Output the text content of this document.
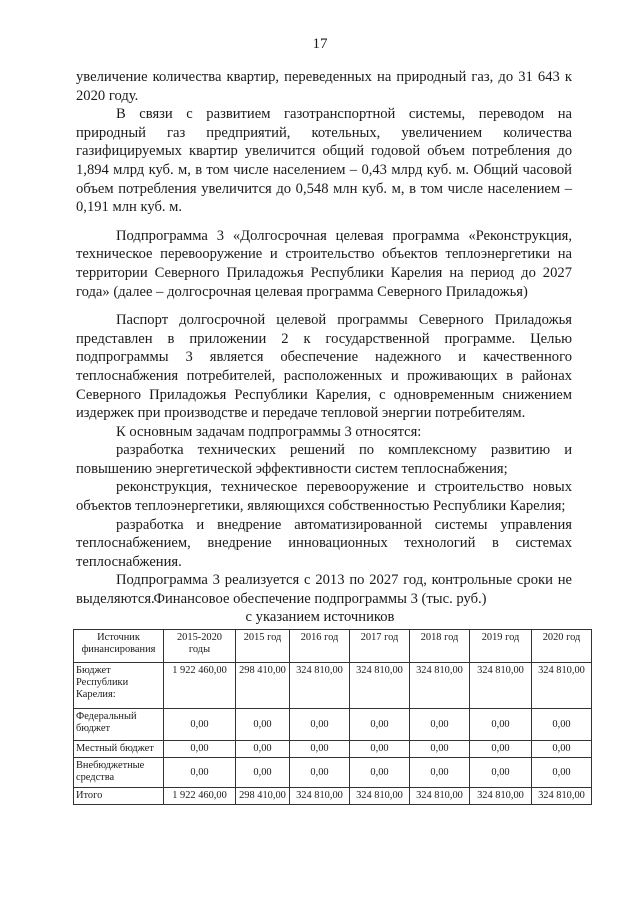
17

увеличение количества квартир, переведенных на природный газ, до 31 643 к 2020 году.

В связи с развитием газотранспортной системы, переводом на природный газ предприятий, котельных, увеличением количества газифицируемых квартир увеличится общий годовой объем потребления до 1,894 млрд куб. м, в том числе населением – 0,43 млрд куб. м. Общий часовой объем потребления увеличится до 0,548 млн куб. м, в том числе населением – 0,191 млн куб. м.

Подпрограмма 3 «Долгосрочная целевая программа «Реконструкция, техническое перевооружение и строительство объектов теплоэнергетики на территории Северного Приладожья Республики Карелия на период до 2027 года» (далее – долгосрочная целевая программа Северного Приладожья)

Паспорт долгосрочной целевой программы Северного Приладожья представлен в приложении 2 к государственной программе. Целью подпрограммы 3 является обеспечение надежного и качественного теплоснабжения потребителей, расположенных и проживающих в районах Северного Приладожья Республики Карелия, с одновременным снижением издержек при производстве и передаче тепловой энергии потребителям.

К основным задачам подпрограммы 3 относятся:

разработка технических решений по комплексному развитию и повышению энергетической эффективности систем теплоснабжения;

реконструкция, техническое перевооружение и строительство новых объектов теплоэнергетики, являющихся собственностью Республики Карелия;

разработка и внедрение автоматизированной системы управления теплоснабжением, внедрение инновационных технологий в системах теплоснабжения.

Подпрограмма 3 реализуется с 2013 по 2027 год, контрольные сроки не выделяются.

Финансовое обеспечение подпрограммы 3 (тыс. руб.)
с указанием источников
Источник финансирования	2015-2020 годы	2015 год	2016 год	2017 год	2018 год	2019 год	2020 год
Бюджет Республики Карелия:	1 922 460,00	298 410,00	324 810,00	324 810,00	324 810,00	324 810,00	324 810,00
Федеральный бюджет	0,00	0,00	0,00	0,00	0,00	0,00	0,00
Местный бюджет	0,00	0,00	0,00	0,00	0,00	0,00	0,00
Внебюджетные средства	0,00	0,00	0,00	0,00	0,00	0,00	0,00
Итого	1 922 460,00	298 410,00	324 810,00	324 810,00	324 810,00	324 810,00	324 810,00
